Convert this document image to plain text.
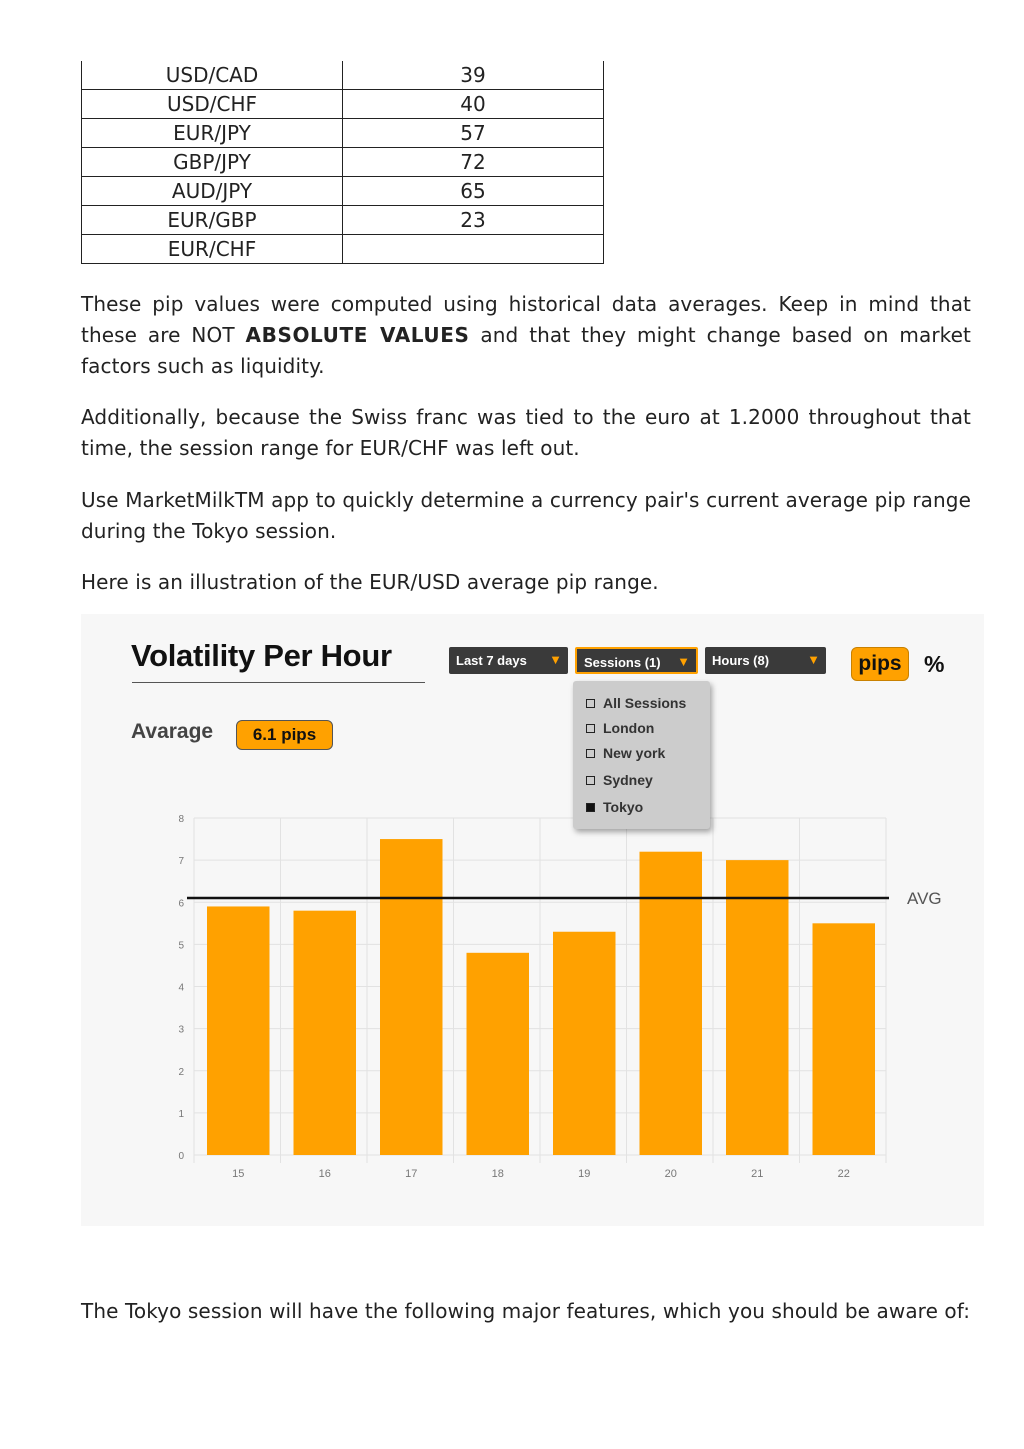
USD/CAD	39
USD/CHF	40
EUR/JPY	57
GBP/JPY	72
AUD/JPY	65
EUR/GBP	23
EUR/CHF	

These pip values were computed using historical data averages. Keep in mind that these are NOT ABSOLUTE VALUES and that they might change based on market factors such as liquidity.

Additionally, because the Swiss franc was tied to the euro at 1.2000 throughout that time, the session range for EUR/CHF was left out.

Use MarketMilkTM app to quickly determine a currency pair's current average pip range during the Tokyo session.

Here is an illustration of the EUR/USD average pip range.

Volatility Per Hour	Last 7 days ▼ Sessions (1) ▼ Hours (8)	▼	pips %
Avarage	6.1 pips
0
1
2
3
4
5
6
7
8
15	16	17	18	19	20	21	22
AVG
All Sessions
London
New york
Sydney
Tokyo

The Tokyo session will have the following major features, which you should be aware of:
